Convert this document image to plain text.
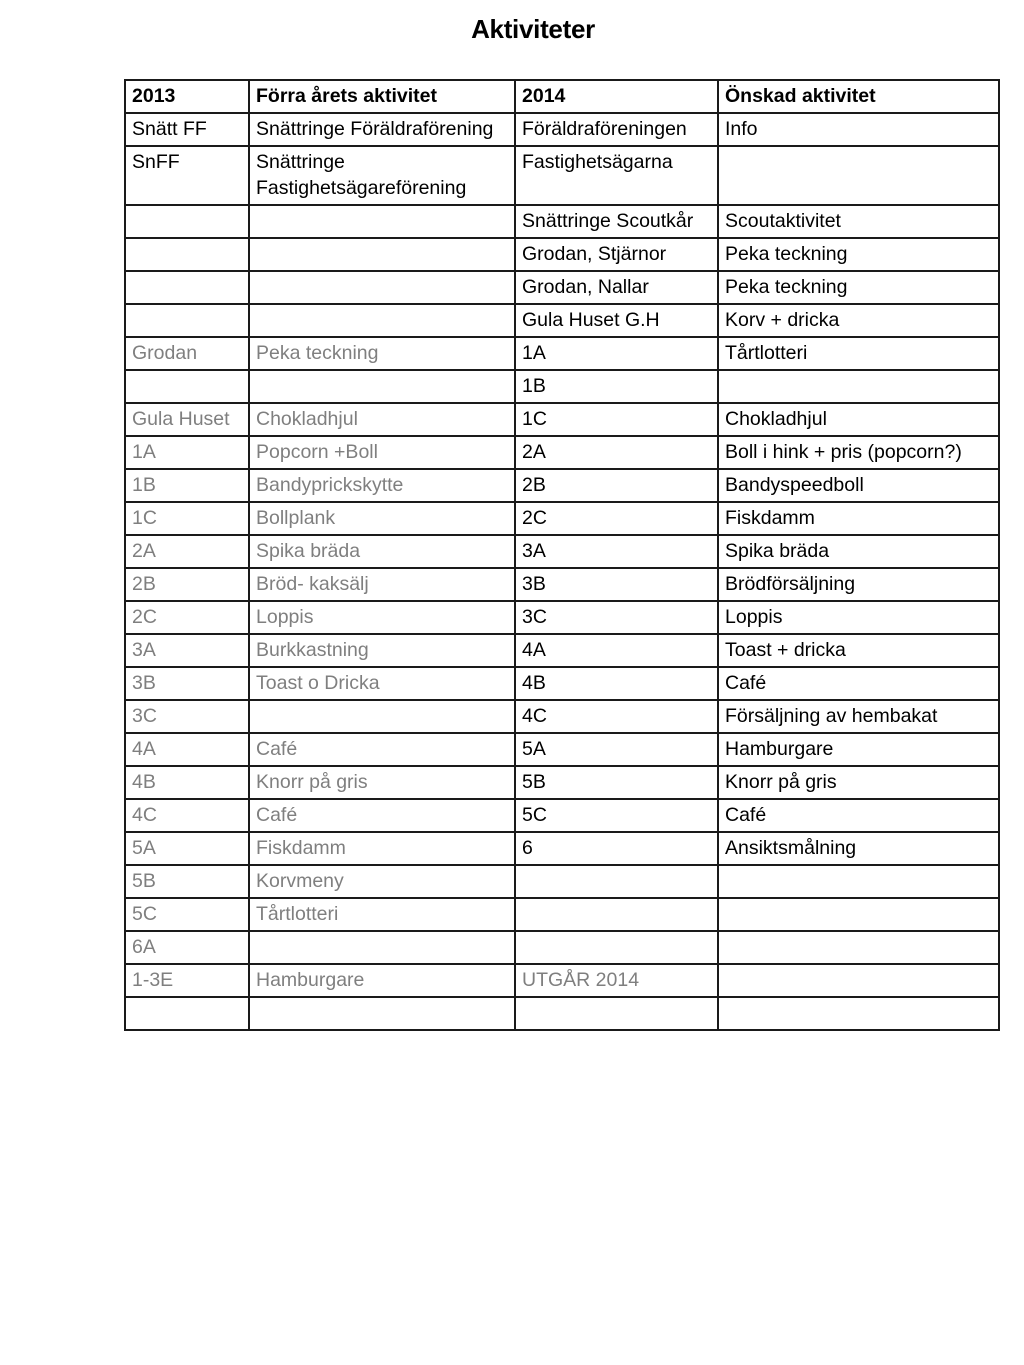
Aktiviteter
2013	Förra årets aktivitet	2014	Önskad aktivitet
Snätt FF	Snättringe Föräldraförening	Föräldraföreningen	Info
SnFF	Snättringe Fastighetsägareförening	Fastighetsägarna	
		Snättringe Scoutkår	Scoutaktivitet
		Grodan, Stjärnor	Peka teckning
		Grodan, Nallar	Peka teckning
		Gula Huset G.H	Korv + dricka
Grodan	Peka teckning	1A	Tårtlotteri
		1B	
Gula Huset	Chokladhjul	1C	Chokladhjul
1A	Popcorn +Boll	2A	Boll i hink + pris (popcorn?)
1B	Bandyprickskytte	2B	Bandyspeedboll
1C	Bollplank	2C	Fiskdamm
2A	Spika bräda	3A	Spika bräda
2B	Bröd- kaksälj	3B	Brödförsäljning
2C	Loppis	3C	Loppis
3A	Burkkastning	4A	Toast + dricka
3B	Toast o Dricka	4B	Café
3C		4C	Försäljning av hembakat
4A	Café	5A	Hamburgare
4B	Knorr på gris	5B	Knorr på gris
4C	Café	5C	Café
5A	Fiskdamm	6	Ansiktsmålning
5B	Korvmeny		
5C	Tårtlotteri		
6A			
1-3E	Hamburgare	UTGÅR 2014	
